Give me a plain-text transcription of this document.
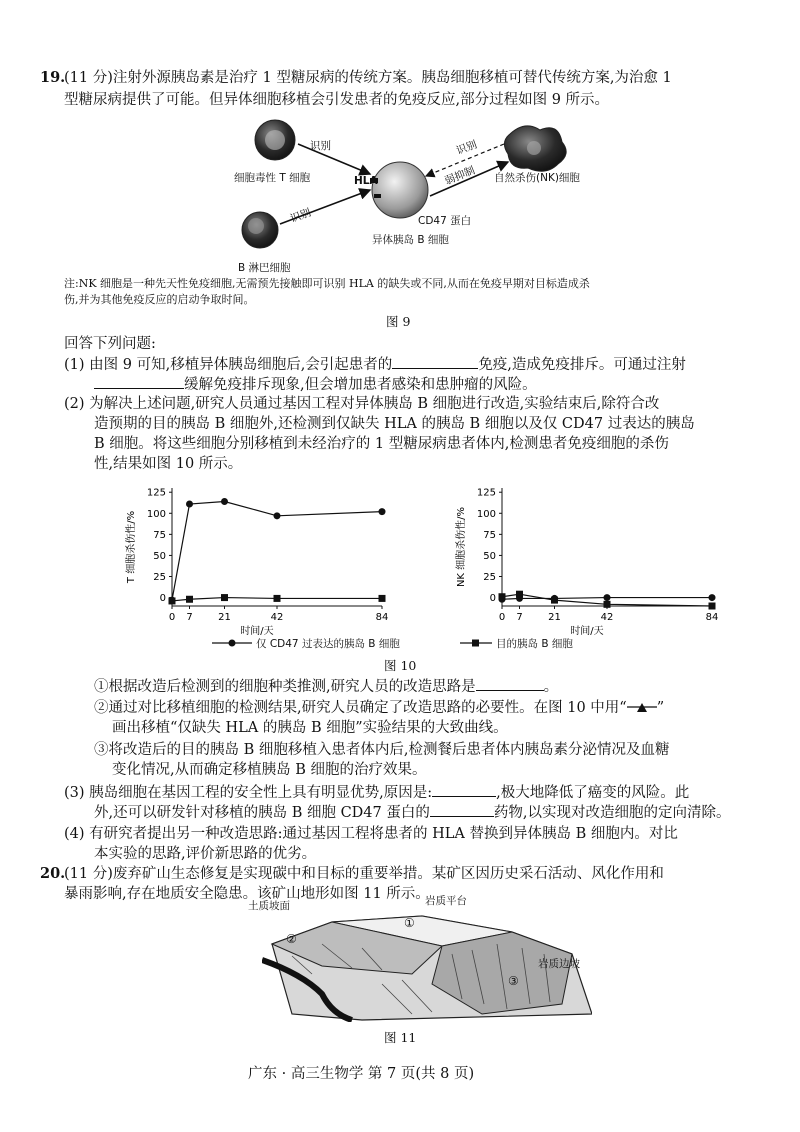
19.
(11 分)注射外源胰岛素是治疗 1 型糖尿病的传统方案。胰岛细胞移植可替代传统方案,为治愈 1
型糖尿病提供了可能。但异体细胞移植会引发患者的免疫反应,部分过程如图 9 所示。
识别
识别
识别
弱抑制
细胞毒性 T 细胞
B 淋巴细胞
HLA
CD47 蛋白
异体胰岛 B 细胞
自然杀伤(NK)细胞
注:NK 细胞是一种先天性免疫细胞,无需预先接触即可识别 HLA 的缺失或不同,从而在免疫早期对目标造成杀
伤,并为其他免疫反应的启动争取时间。
图 9
回答下列问题:
(1) 由图 9 可知,移植异体胰岛细胞后,会引起患者的	免疫,造成免疫排斥。可通过注射
缓解免疫排斥现象,但会增加患者感染和患肿瘤的风险。
(2) 为解决上述问题,研究人员通过基因工程对异体胰岛 B 细胞进行改造,实验结束后,除符合改
造预期的目的胰岛 B 细胞外,还检测到仅缺失 HLA 的胰岛 B 细胞以及仅 CD47 过表达的胰岛
B 细胞。将这些细胞分别移植到未经治疗的 1 型糖尿病患者体内,检测患者免疫细胞的杀伤
性,结果如图 10 所示。
T 细胞杀伤性/%
0
25
50
75
100
125
0 7	21	42	84
时间/天
NK 细胞杀伤性/%
0
25
50
75
100
125
0 7	21	42	84
时间/天
仅 CD47 过表达的胰岛 B 细胞	目的胰岛 B 细胞
图 10
①根据改造后检测到的细胞种类推测,研究人员的改造思路是	。
②通过对比移植细胞的检测结果,研究人员确定了改造思路的必要性。在图 10 中用“ ”
画出移植“仅缺失 HLA 的胰岛 B 细胞”实验结果的大致曲线。
③将改造后的目的胰岛 B 细胞移植入患者体内后,检测餐后患者体内胰岛素分泌情况及血糖
变化情况,从而确定移植胰岛 B 细胞的治疗效果。
(3) 胰岛细胞在基因工程的安全性上具有明显优势,原因是:	,极大地降低了癌变的风险。此
外,还可以研发针对移植的胰岛 B 细胞 CD47 蛋白的	药物,以实现对改造细胞的定向清除。
(4) 有研究者提出另一种改造思路:通过基因工程将患者的 HLA 替换到异体胰岛 B 细胞内。对比
本实验的思路,评价新思路的优劣。
20.
(11 分)废弃矿山生态修复是实现碳中和目标的重要举措。某矿区因历史采石活动、风化作用和
暴雨影响,存在地质安全隐患。该矿山地形如图 11 所示。
土质坡面	岩质平台
岩质边坡
①
②
③
图 11
广东 · 高三生物学 第 7 页(共 8 页)
